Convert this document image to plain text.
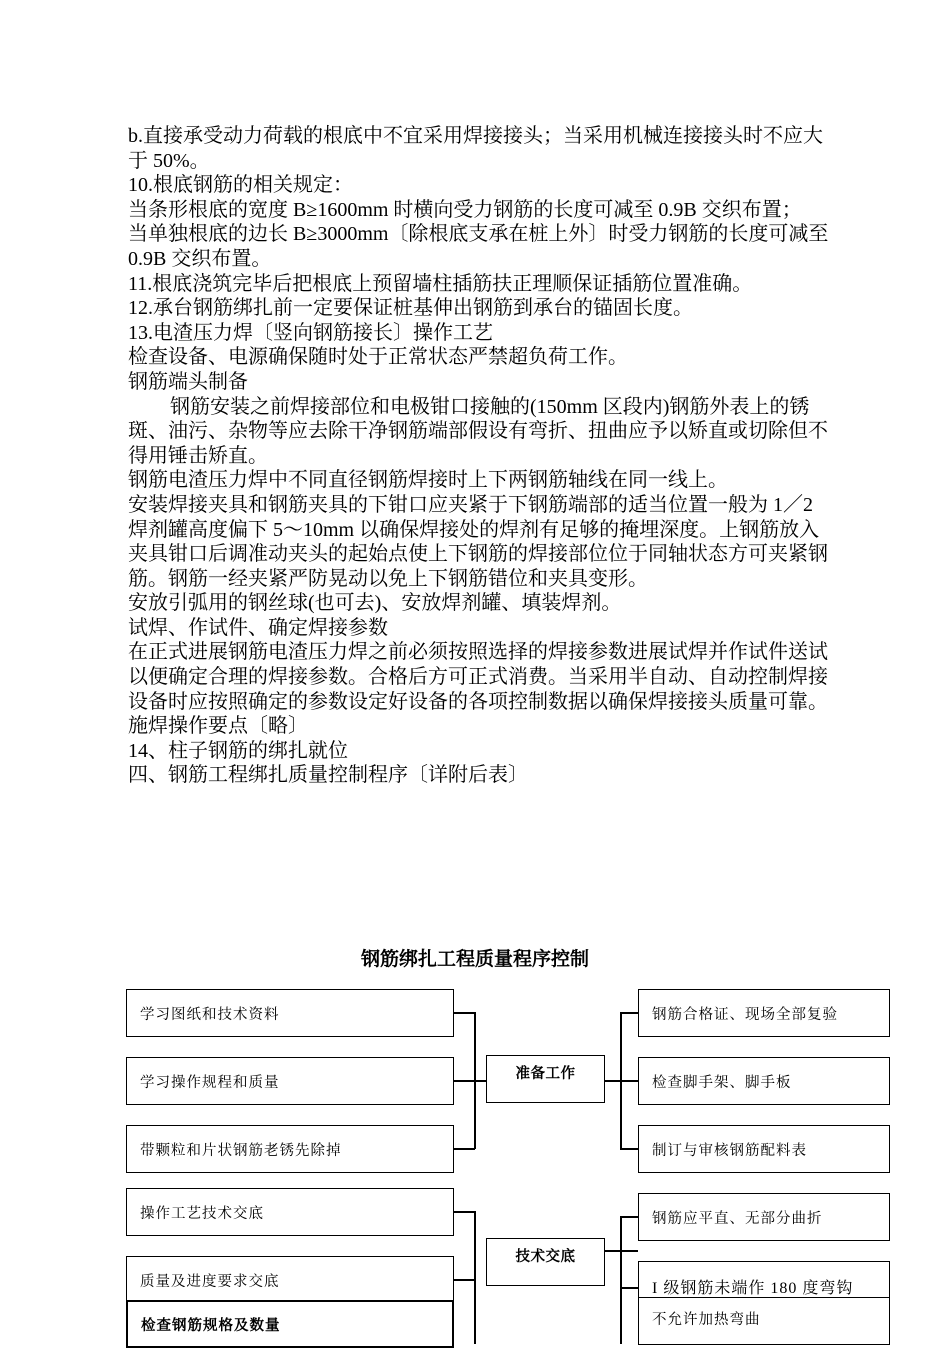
b.直接承受动力荷载的根底中不宜采用焊接接头；当采用机械连接接头时不应大于 50%。

10.根底钢筋的相关规定：

当条形根底的宽度 B≥1600mm 时横向受力钢筋的长度可减至 0.9B 交织布置；

当单独根底的边长 B≥3000mm〔除根底支承在桩上外〕时受力钢筋的长度可减至 0.9B 交织布置。

11.根底浇筑完毕后把根底上预留墙柱插筋扶正理顺保证插筋位置准确。

12.承台钢筋绑扎前一定要保证桩基伸出钢筋到承台的锚固长度。

13.电渣压力焊〔竖向钢筋接长〕操作工艺

检查设备、电源确保随时处于正常状态严禁超负荷工作。

钢筋端头制备

钢筋安装之前焊接部位和电极钳口接触的(150mm 区段内)钢筋外表上的锈斑、油污、杂物等应去除干净钢筋端部假设有弯折、扭曲应予以矫直或切除但不得用锤击矫直。

钢筋电渣压力焊中不同直径钢筋焊接时上下两钢筋轴线在同一线上。

安装焊接夹具和钢筋夹具的下钳口应夹紧于下钢筋端部的适当位置一般为 1／2 焊剂罐高度偏下 5～10mm 以确保焊接处的焊剂有足够的掩埋深度。上钢筋放入夹具钳口后调准动夹头的起始点使上下钢筋的焊接部位位于同轴状态方可夹紧钢筋。钢筋一经夹紧严防晃动以免上下钢筋错位和夹具变形。

安放引弧用的钢丝球(也可去)、安放焊剂罐、填装焊剂。

试焊、作试件、确定焊接参数

在正式进展钢筋电渣压力焊之前必须按照选择的焊接参数进展试焊并作试件送试以便确定合理的焊接参数。合格后方可正式消费。当采用半自动、自动控制焊接设备时应按照确定的参数设定好设备的各项控制数据以确保焊接接头质量可靠。

施焊操作要点〔略〕

14、柱子钢筋的绑扎就位

四、钢筋工程绑扎质量控制程序〔详附后表〕

钢筋绑扎工程质量程序控制
准备工作
技术交底
学习图纸和技术资料
学习操作规程和质量
带颗粒和片状钢筋老锈先除掉
操作工艺技术交底
质量及进度要求交底
检查钢筋规格及数量
钢筋合格证、现场全部复验
检查脚手架、脚手板
制订与审核钢筋配料表
钢筋应平直、无部分曲折
I 级钢筋未端作 180 度弯钩
不允许加热弯曲
